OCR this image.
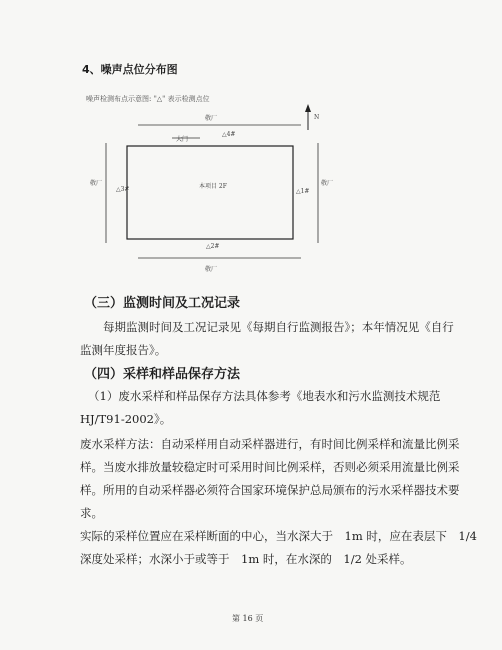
4、噪声点位分布图
噪声检测布点示意图: "△" 表示检测点位
N
敬厂
敬厂
敬厂	敬厂
大门
本项目 2F
△4#
△1#
△2#
△3#
（三）监测时间及工况记录
每期监测时间及工况记录见《每期自行监测报告》；本年情况见《自行
监测年度报告》。
（四）采样和样品保存方法
（1）废水采样和样品保存方法具体参考《地表水和污水监测技术规范
HJ/T91-2002》。
废水采样方法：自动采样用自动采样器进行，有时间比例采样和流量比例采
样。当废水排放量较稳定时可采用时间比例采样，否则必须采用流量比例采
样。所用的自动采样器必须符合国家环境保护总局颁布的污水采样器技术要
求。
实际的采样位置应在采样断面的中心，当水深大于　1m 时，应在表层下　1/4
深度处采样；水深小于或等于　1m 时，在水深的　1/2 处采样。
第 16 页
